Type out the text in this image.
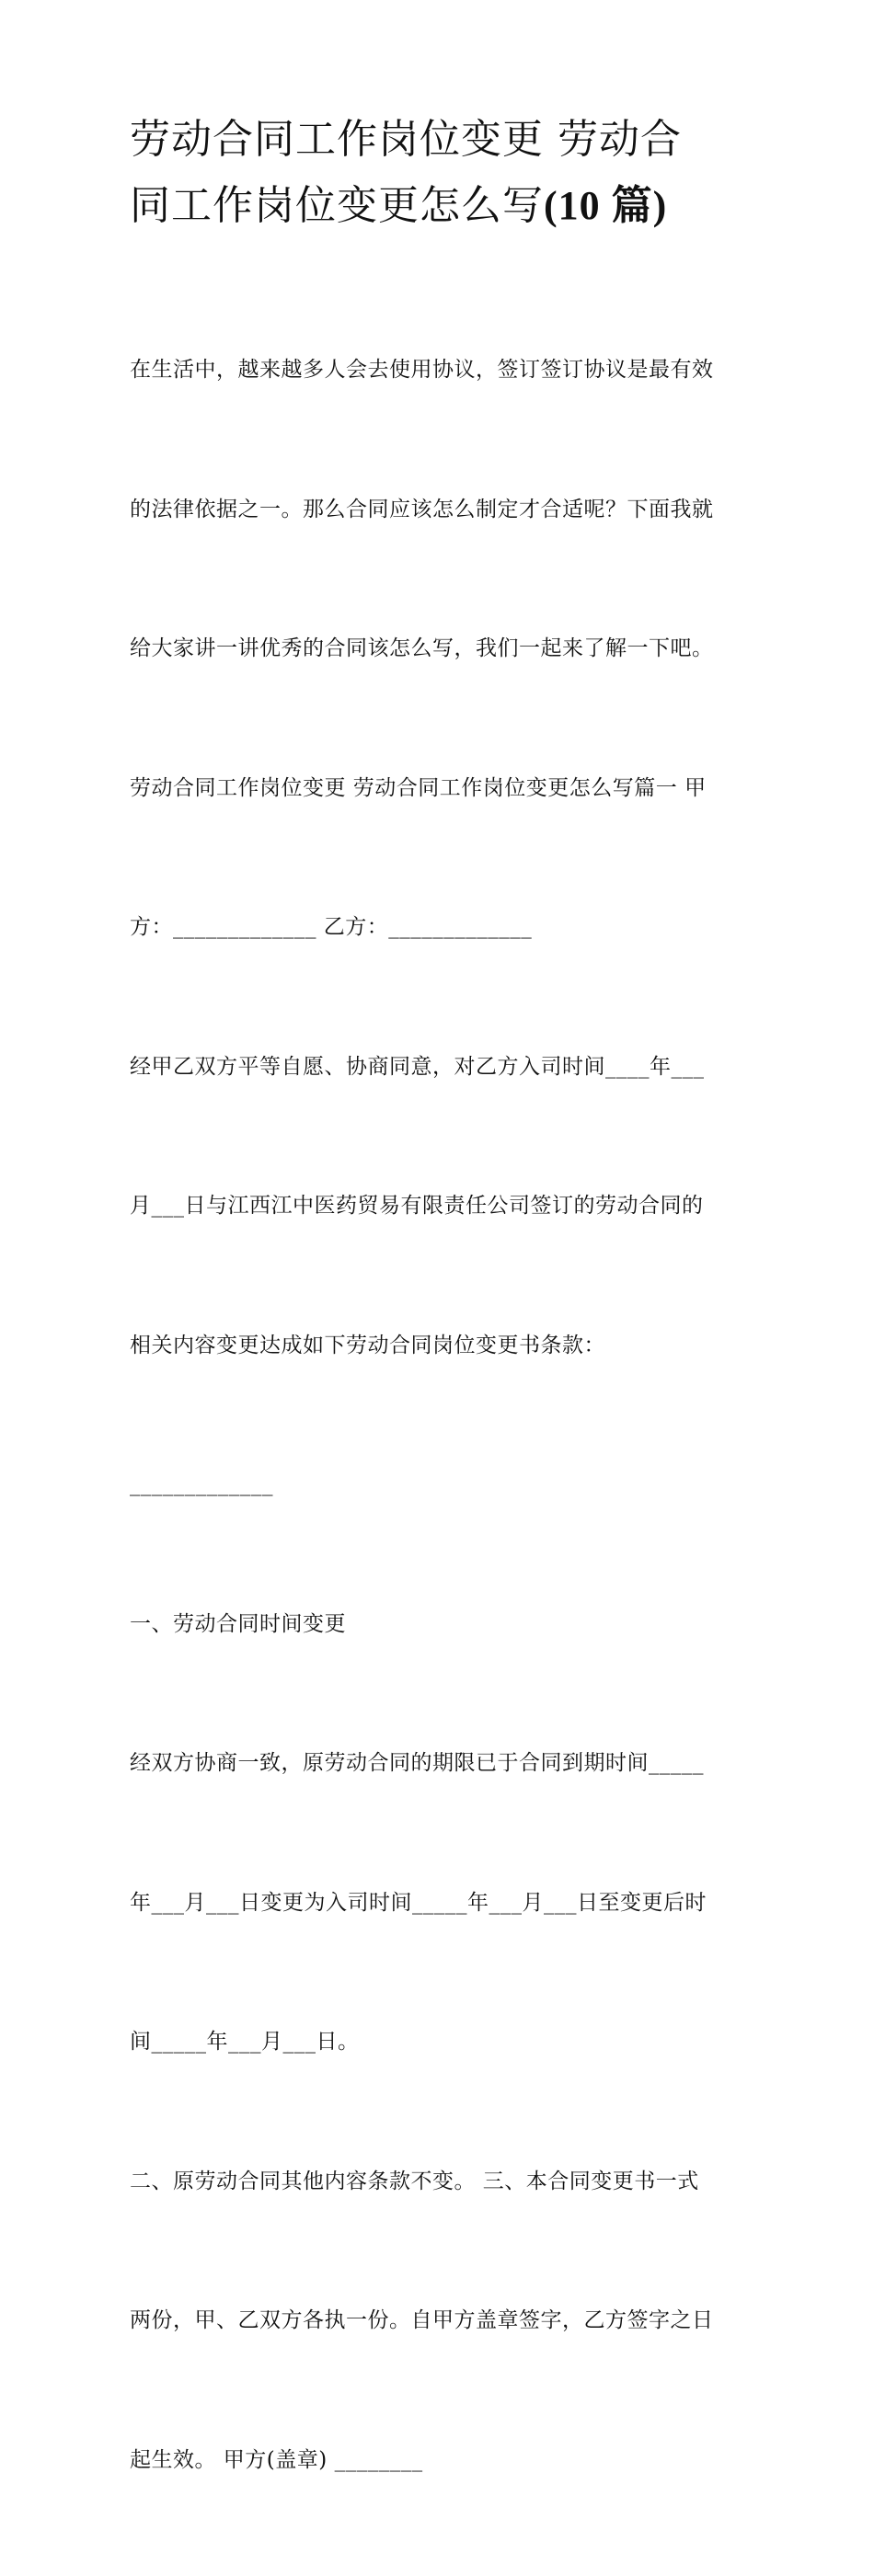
劳动合同工作岗位变更 劳动合
同工作岗位变更怎么写(10 篇)

在生活中，越来越多人会去使用协议，签订签订协议是最有效

的法律依据之一。那么合同应该怎么制定才合适呢？下面我就

给大家讲一讲优秀的合同该怎么写，我们一起来了解一下吧。

劳动合同工作岗位变更 劳动合同工作岗位变更怎么写篇一 甲

方：_____________ 乙方：_____________

经甲乙双方平等自愿、协商同意，对乙方入司时间____年___

月___日与江西江中医药贸易有限责任公司签订的劳动合同的

相关内容变更达成如下劳动合同岗位变更书条款：

_____________

一、劳动合同时间变更

经双方协商一致，原劳动合同的期限已于合同到期时间_____

年___月___日变更为入司时间_____年___月___日至变更后时

间_____年___月___日。

二、原劳动合同其他内容条款不变。 三、本合同变更书一式

两份，甲、乙双方各执一份。自甲方盖章签字，乙方签字之日

起生效。 甲方(盖章) ________
